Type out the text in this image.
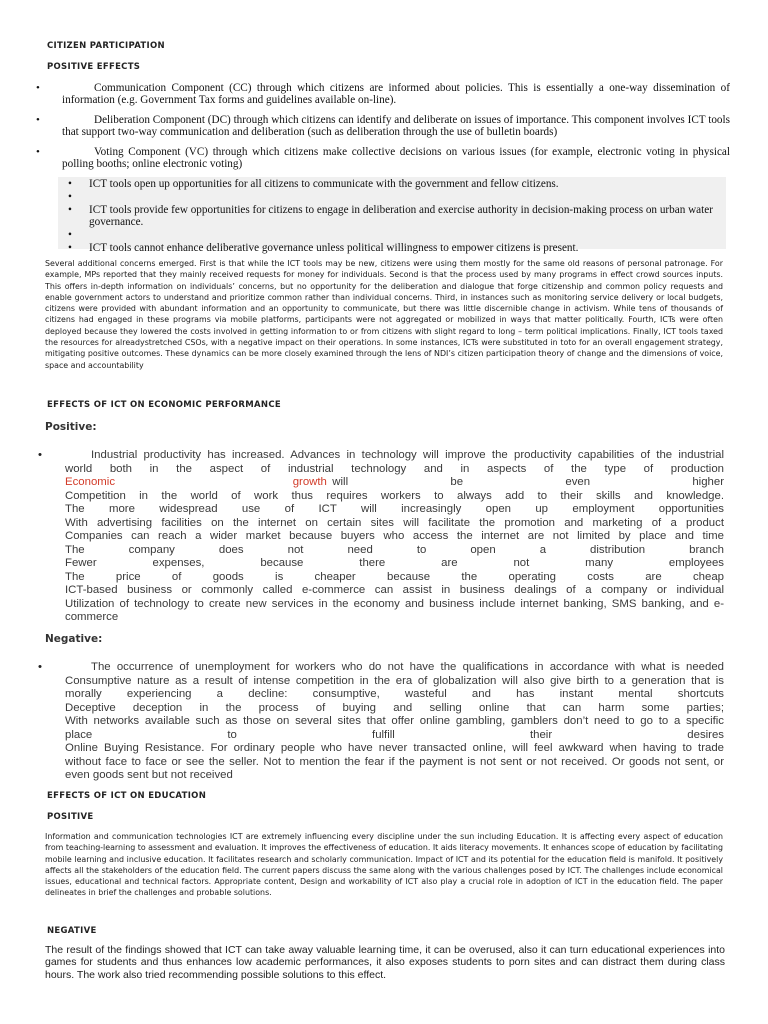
CITIZEN PARTICIPATION
POSITIVE EFFECTS
•	Communication Component (CC) through which citizens are informed about policies. This is essentially a one-way dissemination of information (e.g. Government Tax forms and guidelines available on-line).
•	Deliberation Component (DC) through which citizens can identify and deliberate on issues of importance. This component involves ICT tools that support two-way communication and deliberation (such as deliberation through the use of bulletin boards)
•	Voting Component (VC) through which citizens make collective decisions on various issues (for example, electronic voting in physical polling booths; online electronic voting)
• ICT tools open up opportunities for all citizens to communicate with the government and fellow citizens.
•

• ICT tools provide few opportunities for citizens to engage in deliberation and exercise authority in decision-making process on urban water governance.
•

• ICT tools cannot enhance deliberative governance unless political willingness to empower citizens is present.
Several additional concerns emerged. First is that while the ICT tools may be new, citizens were using them mostly for the same old reasons of personal patronage. For example, MPs reported that they mainly received requests for money for individuals. Second is that the process used by many programs in effect crowd sources inputs. This offers in-depth information on individuals’ concerns, but no opportunity for the deliberation and dialogue that forge citizenship and common policy requests and enable government actors to understand and prioritize common rather than individual concerns. Third, in instances such as monitoring service delivery or local budgets, citizens were provided with abundant information and an opportunity to communicate, but there was little discernible change in activism. While tens of thousands of citizens had engaged in these programs via mobile platforms, participants were not aggregated or mobilized in ways that matter politically. Fourth, ICTs were often deployed because they lowered the costs involved in getting information to or from citizens with slight regard to long – term political implications. Finally, ICT tools taxed the resources for alreadystretched CSOs, with a negative impact on their operations. In some instances, ICTs were substituted in toto for an overall engagement strategy, mitigating positive outcomes. These dynamics can be more closely examined through the lens of NDI’s citizen participation theory of change and the dimensions of voice, space and accountability
EFFECTS OF ICT ON ECONOMIC PERFORMANCE
Positive:
•	Industrial productivity has increased. Advances in technology will improve the productivity capabilities of the industrial
world both in the aspect of industrial technology and in aspects of the type of production
Economic	growth will be even higher
Competition in the world of work thus requires workers to always add to their skills and knowledge.
The more widespread use of ICT will increasingly open up employment opportunities
With advertising facilities on the internet on certain sites will facilitate the promotion and marketing of a product
Companies can reach a wider market because buyers who access the internet are not limited by place and time
The company does not need to open a distribution branch
Fewer expenses, because there are not many employees
The price of goods is cheaper because the operating costs are cheap
ICT-based business or commonly called e-commerce can assist in business dealings of a company or individual
Utilization of technology to create new services in the economy and business include internet banking, SMS banking, and e-
commerce
Negative:
•	The occurrence of unemployment for workers who do not have the qualifications in accordance with what is needed
Consumptive nature as a result of intense competition in the era of globalization will also give birth to a generation that is
morally experiencing a decline: consumptive, wasteful and has instant mental shortcuts
Deceptive deception in the process of buying and selling online that can harm some parties;
With networks available such as those on several sites that offer online gambling, gamblers don’t need to go to a specific
place to fulfill their desires
Online Buying Resistance. For ordinary people who have never transacted online, will feel awkward when having to trade
without face to face or see the seller. Not to mention the fear if the payment is not sent or not received. Or goods not sent, or
even goods sent but not received
EFFECTS OF ICT ON EDUCATION
POSITIVE
Information and communication technologies ICT are extremely influencing every discipline under the sun including Education. It is affecting every aspect of education from teaching-learning to assessment and evaluation. It improves the effectiveness of education. It aids literacy movements. It enhances scope of education by facilitating mobile learning and inclusive education. It facilitates research and scholarly communication. Impact of ICT and its potential for the education field is manifold. It positively affects all the stakeholders of the education field. The current papers discuss the same along with the various challenges posed by ICT. The challenges include economical issues, educational and technical factors. Appropriate content, Design and workability of ICT also play a crucial role in adoption of ICT in the education field. The paper delineates in brief the challenges and probable solutions.
NEGATIVE
The result of the findings showed that ICT can take away valuable learning time, it can be overused, also it can turn educational experiences into games for students and thus enhances low academic performances, it also exposes students to porn sites and can distract them during class hours. The work also tried recommending possible solutions to this effect.
